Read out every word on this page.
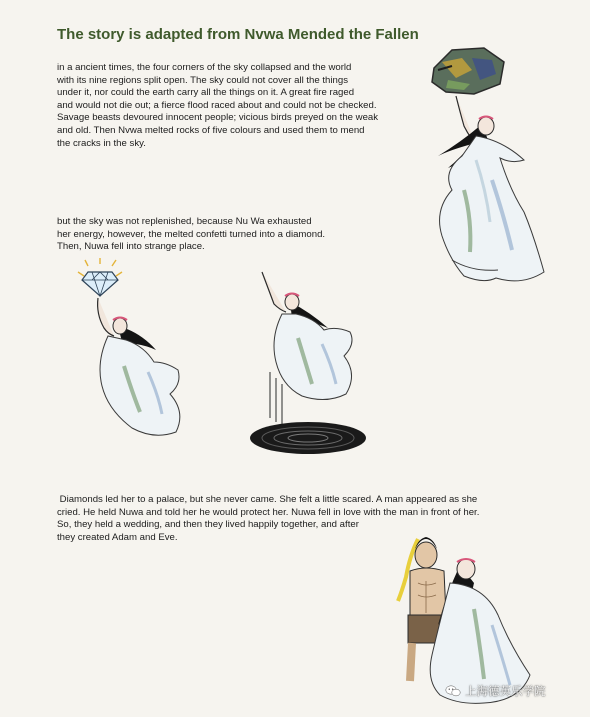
The story is adapted from Nvwa Mended the Fallen
in a ancient times, the four corners of the sky collapsed and the world
with its nine regions split open. The sky could not cover all the things
under it, nor could the earth carry all the things on it. A great fire raged
and would not die out; a fierce flood raced about and could not be checked.
Savage beasts devoured innocent people; vicious birds preyed on the weak
and old. Then Nvwa melted rocks of five colours and used them to mend
the cracks in the sky.
but the sky was not replenished, because Nu Wa exhausted
her energy, however, the melted confetti turned into a diamond.
Then, Nuwa fell into strange place.
Diamonds led her to a palace, but she never came. She felt a little scared. A man appeared as she
cried. He held Nuwa and told her he would protect her. Nuwa fell in love with the man in front of her.
So, they held a wedding, and then they lived happily together, and after
they created Adam and Eve.
上海德英乐学院
